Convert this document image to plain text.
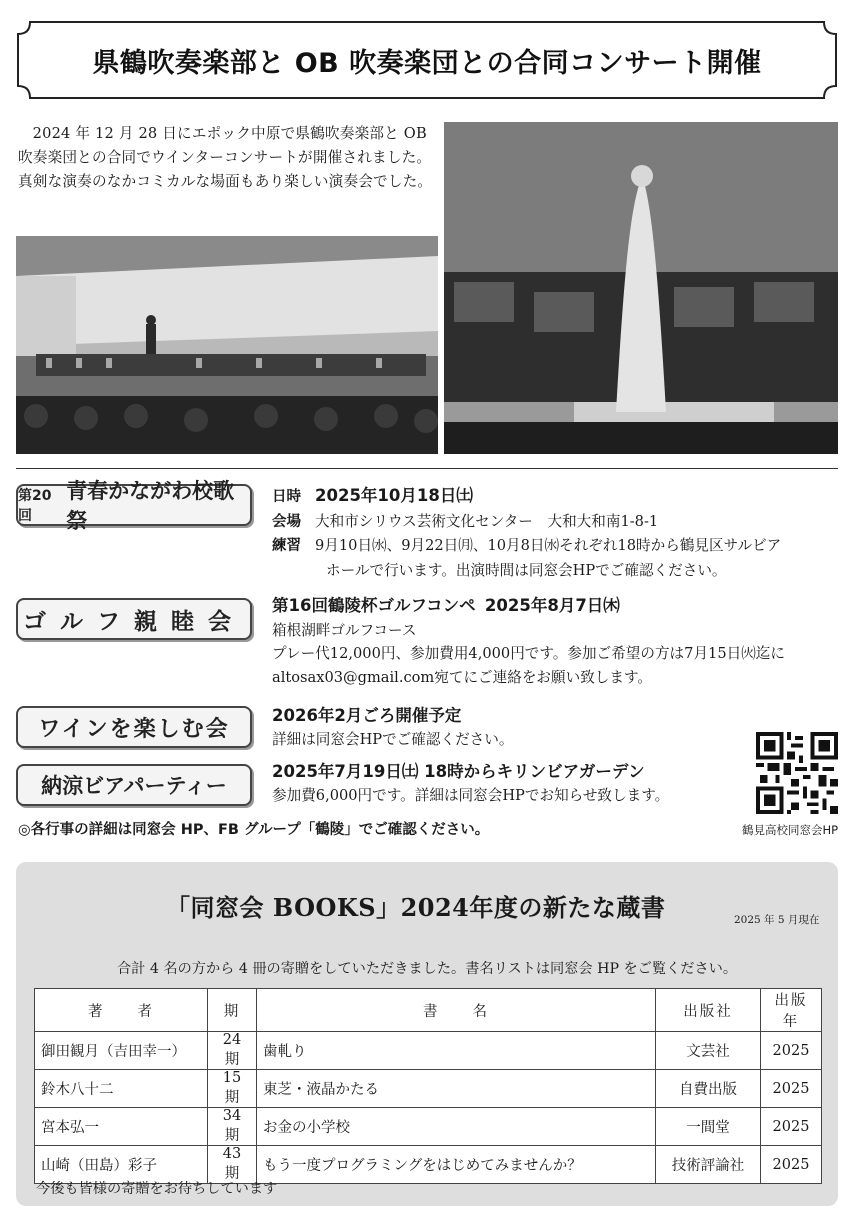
県鶴吹奏楽部と OB 吹奏楽団との合同コンサート開催
2024 年 12 月 28 日にエポック中原で県鶴吹奏楽部と OB 吹奏楽団との合同でウインターコンサートが開催されました。真剣な演奏のなかコミカルな場面もあり楽しい演奏会でした。
第20回
青春かながわ校歌祭
日時 2025年10月18日㈯
会場 大和市シリウス芸術文化センター　大和大和南1-8-1
練習 9月10日㈬、9月22日㈪、10月8日㈬それぞれ18時から鶴見区サルビア
ホールで行います。出演時間は同窓会HPでご確認ください。
ゴルフ親睦会
第16回鶴陵杯ゴルフコンペ 2025年8月7日㈭
箱根湖畔ゴルフコース
プレー代12,000円、参加費用4,000円です。参加ご希望の方は7月15日㈫迄に
altosax03@gmail.com宛てにご連絡をお願い致します。
ワインを楽しむ会
2026年2月ごろ開催予定
詳細は同窓会HPでご確認ください。
納涼ビアパーティー
2025年7月19日㈯ 18時からキリンビアガーデン
参加費6,000円です。詳細は同窓会HPでお知らせ致します。
鶴見高校同窓会HP
◎各行事の詳細は同窓会 HP、FB グループ「鶴陵」でご確認ください。
「同窓会 BOOKS」2024年度の新たな蔵書	2025 年 5 月現在
合計 4 名の方から 4 冊の寄贈をしていただきました。書名リストは同窓会 HP をご覧ください。
著　　者	期	書　　名	出版社	出版年
御田観月（吉田幸一）	24 期	歯軋り	文芸社	2025
鈴木八十二	15 期	東芝・液晶かたる	自費出版	2025
宮本弘一	34 期	お金の小学校	一間堂	2025
山崎（田島）彩子	43 期	もう一度プログラミングをはじめてみませんか？	技術評論社	2025
今後も皆様の寄贈をお待ちしています
